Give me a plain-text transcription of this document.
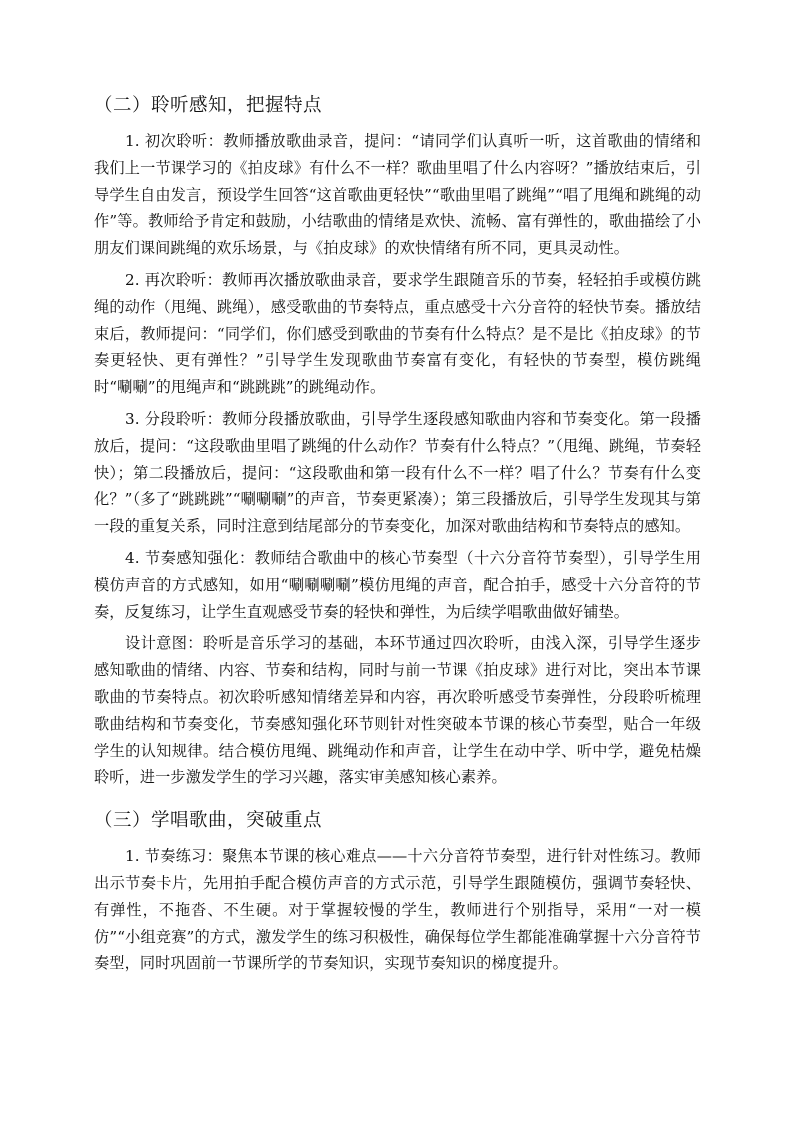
（二）聆听感知，把握特点

1. 初次聆听：教师播放歌曲录音，提问：“请同学们认真听一听，这首歌曲的情绪和我们上一节课学习的《拍皮球》有什么不一样？歌曲里唱了什么内容呀？”播放结束后，引导学生自由发言，预设学生回答“这首歌曲更轻快”“歌曲里唱了跳绳”“唱了甩绳和跳绳的动作”等。教师给予肯定和鼓励，小结歌曲的情绪是欢快、流畅、富有弹性的，歌曲描绘了小朋友们课间跳绳的欢乐场景，与《拍皮球》的欢快情绪有所不同，更具灵动性。

2. 再次聆听：教师再次播放歌曲录音，要求学生跟随音乐的节奏，轻轻拍手或模仿跳绳的动作（甩绳、跳绳），感受歌曲的节奏特点，重点感受十六分音符的轻快节奏。播放结束后，教师提问：“同学们，你们感受到歌曲的节奏有什么特点？是不是比《拍皮球》的节奏更轻快、更有弹性？”引导学生发现歌曲节奏富有变化，有轻快的节奏型，模仿跳绳时“唰唰”的甩绳声和“跳跳跳”的跳绳动作。

3. 分段聆听：教师分段播放歌曲，引导学生逐段感知歌曲内容和节奏变化。第一段播放后，提问：“这段歌曲里唱了跳绳的什么动作？节奏有什么特点？”（甩绳、跳绳，节奏轻快）；第二段播放后，提问：“这段歌曲和第一段有什么不一样？唱了什么？节奏有什么变化？”（多了“跳跳跳”“唰唰唰”的声音，节奏更紧凑）；第三段播放后，引导学生发现其与第一段的重复关系，同时注意到结尾部分的节奏变化，加深对歌曲结构和节奏特点的感知。

4. 节奏感知强化：教师结合歌曲中的核心节奏型（十六分音符节奏型），引导学生用模仿声音的方式感知，如用“唰唰唰唰”模仿甩绳的声音，配合拍手，感受十六分音符的节奏，反复练习，让学生直观感受节奏的轻快和弹性，为后续学唱歌曲做好铺垫。

设计意图：聆听是音乐学习的基础，本环节通过四次聆听，由浅入深，引导学生逐步感知歌曲的情绪、内容、节奏和结构，同时与前一节课《拍皮球》进行对比，突出本节课歌曲的节奏特点。初次聆听感知情绪差异和内容，再次聆听感受节奏弹性，分段聆听梳理歌曲结构和节奏变化，节奏感知强化环节则针对性突破本节课的核心节奏型，贴合一年级学生的认知规律。结合模仿甩绳、跳绳动作和声音，让学生在动中学、听中学，避免枯燥聆听，进一步激发学生的学习兴趣，落实审美感知核心素养。

（三）学唱歌曲，突破重点

1. 节奏练习：聚焦本节课的核心难点——十六分音符节奏型，进行针对性练习。教师出示节奏卡片，先用拍手配合模仿声音的方式示范，引导学生跟随模仿，强调节奏轻快、有弹性，不拖沓、不生硬。对于掌握较慢的学生，教师进行个别指导，采用“一对一模仿”“小组竞赛”的方式，激发学生的练习积极性，确保每位学生都能准确掌握十六分音符节奏型，同时巩固前一节课所学的节奏知识，实现节奏知识的梯度提升。
